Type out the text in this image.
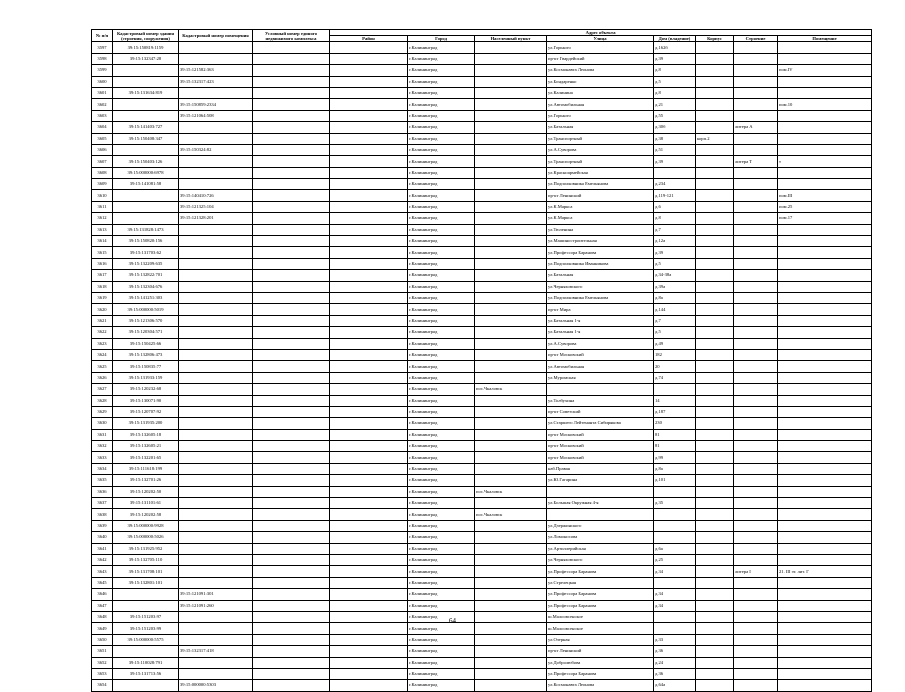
№ п/п	Кадастровый номер здания (строения, сооружения)	Кадастровый номер помещения	Условный номер единого недвижимого комплекса	Адрес объекта							
				Район	Город	Населенный пункт	Улица	Дом (владение)	Корпус	Строение	Помещение
3597	39:15:150819:1159				г.Калининград		ул.Горького	д.162б			
3598	39:15:132347:28				г.Калининград		пр-кт Гвардейский	д.39			
3599		39:15:121582:363			г.Калининград		ул.Космонавта Леонова	д.8			пом.IV
3600		39:15:132317:423			г.Калининград		ул.Бондаренко	д.5			
3601	39:15:131634:819				г.Калининград		ул.Калинина	д.8			
3602		39:15:150859:2334			г.Калининград		ул.Автомобильная	д.21			пом.10
3603		39:15:121064:508			г.Калининград		ул.Горького	д.55			
3604	39:15:141403:727				г.Калининград		ул.Батальная	д.30б		литера А	
3605	39:15:150408:347				г.Калининград		ул.Транспортный	д.38	корп.2		
3606		39:15:150324:82			г.Калининград		ул.А.Суворова	д.51			
3607	39:15:150403:126				г.Калининград		ул.Транспортный	д.39		литера Т	т
3608	39:15:000000:6978				г.Калининград		ул.Красноармейская				
3609	39:15:141081:58				г.Калининград		ул.Подполковника Емельянова	д.234			
3610		39:15:140410:726			г.Калининград		пр-кт Ленинский	д.119-121			пом.III
3611		39:15:121325:104			г.Калининград		ул.К.Маркса	д.6			пом.25
3612		39:15:121328:201			г.Калининград		ул.К.Маркса	д.8			пом.17
3613	39:15:131828:1473				г.Калининград		ул.Тюленина	д.7			
3614	39:15:150820:156				г.Калининград		ул.Машиностроительная	д.12а			
3615	39:15:131703:62				г.Калининград		ул.Профессора Баранова	д.39			
3616	39:15:132209:635				г.Калининград		ул.Подполковника Иванникова	д.5			
3617	39:15:132822:701				г.Калининград		ул.Батальная	д.34-38а			
3618	39:15:132304:676				г.Калининград		ул.Черняховского	д.39а			
3619	39:15:141251:303				г.Калининград		ул.Подполковника Емельянова	д.8а			
3620	39:15:000000:5019				г.Калининград		пр-кт Мира	д.144			
3621	39:15:121306:570				г.Калининград		ул.Батальная 1-я	д.7			
3622	39:15:120304:571				г.Калининград		ул.Батальная 1-я	д.5			
3623	39:15:150425:66				г.Калининград		ул.А.Суворова	д.49			
3624	39:15:132806:473				г.Калининград		пр-кт Московский	182			
3625	39:15:150835:77				г.Калининград		ул.Автомобильная	20			
3626	39:15:131933:159				г.Калининград		ул.Муромская	д.74			
3627	39:15:120232:68				г.Калининград	пос.Чкаловск					
3628	39:15:130071:90				г.Калининград		ул.Толбухина	14			
3629	39:15:120707:92				г.Калининград		пр-кт Советский	д.187			
3630	39:15:131935:200				г.Калининград		ул.Старшего Лейтенанта Сибирякова	230			
3631	39:15:132605:18				г.Калининград		пр-кт Московский	81			
3632	39:15:132605:21				г.Калининград		пр-кт Московский	81			
3633	39:15:132201:65				г.Калининград		пр-кт Московский	д.99			
3634	39:15:111618:199				г.Калининград		наб.Правая	д.8а			
3635	39:15:132701:26				г.Калининград		ул.Ю.Гагарина	д.101			
3636	39:15:120202:50				г.Калининград	пос.Чкаловск					
3637	39:15:131101:61				г.Калининград		ул.Большая Окружная 4-я	д.35			
3638	39:15:120202:58				г.Калининград	пос.Чкаловск					
3639	39:15:000000:9928				г.Калининград		ул.Дзержинского				
3640	39:15:000000:5026				г.Калининград		ул.Ломоносова				
3641	39:15:131925:952				г.Калининград		ул.Артиллерийская	д.6а			
3642	39:15:132705:110				г.Калининград		ул.Черняховского	д.25			
3643	39:15:131708:101				г.Калининград		ул.Профессора Баранова	д.34		литера I	21. III эт. лит. Г
3645	39:15:132801:101				г.Калининград		ул.Стрелецкая				
3646		39:15:121091:301			г.Калининград		ул.Профессора Баранова	д.34			
3647		39:15:121091:260			г.Калининград		ул.Профессора Баранова	д.34			
3648	39:15:151203:97				г.Калининград		ш.Малоовсенское				
3649	39:15:151203:99				г.Калининград		ш.Малоовсенское				
3650	39:15:000000:5575				г.Калининград		ул.Озерная	д.33			
3651		39:15:132317:418			г.Калининград		пр-кт Ленинский	д.36			
3652	39:15:110028:791				г.Калининград		ул.Добролюбова	д.24			
3653	39:15:131713:56				г.Калининград		ул.Профессора Баранова	д.36			
3654		39:15:000000:5303			г.Калининград		ул.Космонавта Леонова	д.64а			
64
